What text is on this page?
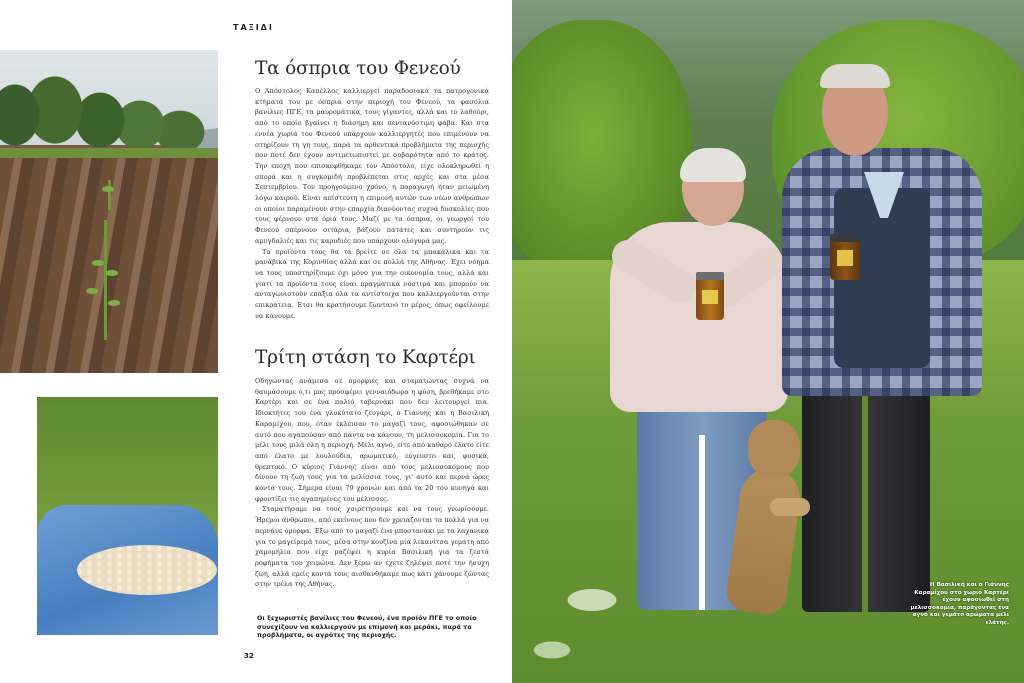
ΤΑΞΙΔΙ
Τα όσπρια του Φενεού

Ο Απόστολος Καπέλλος καλλιεργεί παραδοσιακά τα πατρογονικά κτήματά του με όσπρια στην περιοχή του Φενεού, τα φασόλια βανίλιες ΠΓΕ, τα μαυρομάτικα, τους γίγαντες, αλλά και το λαθούρι, από το οποίο βγαίνει η διάσημη και πεντανόστιμη φάβα. Και στα εννέα χωριά του Φενεού υπάρχουν καλλιεργητές που επιμένουν να στηρίζουν τη γη τους, παρά τα αρθεντικά προβλήματα της περιοχής που ποτέ δεν έχουν αντιμετωπιστεί με σοβαρότητα από το κράτος. Την εποχή που επισκεφθήκαμε τον Απόστολο, είχε ολοκληρωθεί η σπορά και η συγκομιδή προβλέπεται στις αρχές και στα μέσα Σεπτεμβρίου. Τον προηγούμενο χρόνο, η παραγωγή ήταν μειωμένη λόγω καιρού. Είναι απίστευτη η επιμονή αυτών των νέων ανθρώπων οι οποίοι παραμένουν στην επαρχία διανύοντας συχνά δυσκολίες που τους φέρνουν στα όριά τους. Μαζί με τα όσπρια, οι γεωργοί του Φενεού σπέρνουν σιτάρια, βάζουν πατάτες και συντηρούν τις αμυγδαλιές και τις καρυδιές που υπάρχουν ολόγυρά μας.

Τα προϊόντα τους θα τα βρείτε σε όλα τα μπακάλικα και τα μανάβικα της Κορινθίας αλλά και σε πολλά της Αθήνας. Έχει νόημα να τους υποστηρίζουμε όχι μόνο για την οικονομία τους, αλλά και γιατί τα προϊόντα τους είναι πραγματικά νόστιμα και μπορούν να ανταγωνιστούν επάξια όλα τα αντίστοιχα που καλλιεργούνται στην επικράτεια. Έτσι θα κρατήσουμε ζωντανό το μέρος, όπως οφείλουμε να κάνουμε.

Τρίτη στάση το Καρτέρι

Οδηγώντας ανάμεσα σε ομορφιές και σταματώντας συχνά να θαυμάσουμε ό,τι μας προσφέρει γενναιόδωρα η φύση, βρεθήκαμε στο Καρτέρι και σε ένα παλιό ταβερνάκι που δεν λειτουργεί πια. Ιδιοκτήτες του ένα γλυκύτατο ζευγάρι, ο Γιάννης και η Βασιλική Καραμίχου, που, όταν έκλεισαν το μαγαζί τους, αφοσιώθηκαν σε αυτό που αγαπούσαν από πάντα να κάνουν, τη μελισσοκομία. Για το μέλι τους μιλά όλη η περιοχή. Μέλι αγνό, είτε από καθαρό έλατο είτε από έλατο με λουλούδια, αρωματικό, εύγευστο και, φυσικά, θρεπτικό. Ο κύριος Γιάννης είναι από τους μελισσοκόμους που δίνουν τη ζωή τους για τα μελίσσια τους, γι' αυτό και περνά ώρες κοντά τους. Σήμερα είναι 79 χρονών και από τα 20 του κυνηγά και φροντίζει τις αγαπημένες του μέλισσες.

Σταματήσαμε να τους χαιρετήσουμε και να τους γνωρίσουμε. Ήρεμοι άνθρωποι, από εκείνους που δεν χρειάζονται τα πολλά για να περνάνε όμορφα. Έξω από το μαγαζί ένα μποστανάκι με τα λαχανικά για το μαγείρεμά τους, μέσα στην κουζίνα μία λεκανίτσα γεμάτη από χαμομήλια που είχε μαζέψει η κυρία Βασιλική για τα ζεστά ροφήματα του χειμώνα. Δεν ξέρω αν έχετε ζηλέψει ποτέ την ήσυχη ζωή, αλλά εμείς κοντά τους αισθανθήκαμε πως κάτι χάνουμε ζώντας στην τρέλα της Αθήνας.

Οι ξεχωριστές βανίλιες του Φενεού, ένα προϊόν ΠΓΕ το οποίο συνεχίζουν να καλλιεργούν με επιμονή και μεράκι, παρά τα προβλήματα, οι αγρότες της περιοχής.
32
Η Βασιλική και ο Γιάννης Καραμίχου στο χωριό Καρτέρι έχουν αφοσιωθεί στη μελισσοκομία, παράγοντας ένα αγνό και γεμάτο αρώματα μέλι ελάτης.
